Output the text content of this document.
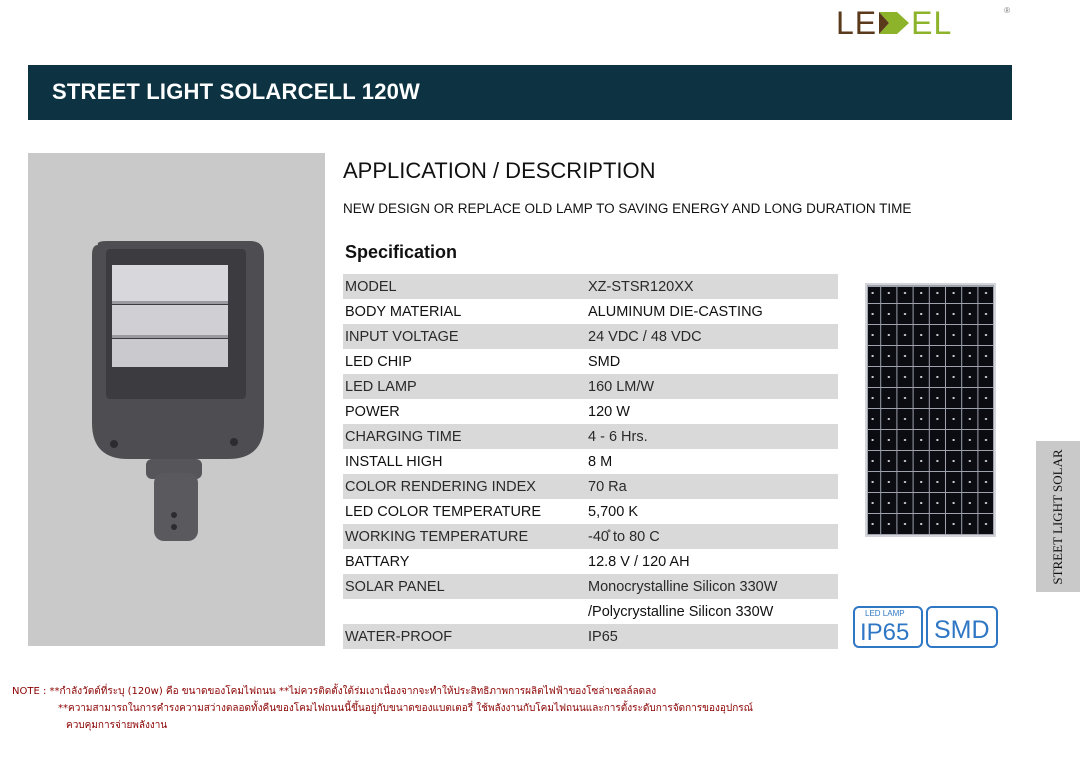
LE EL	®
STREET LIGHT SOLARCELL 120W
APPLICATION / DESCRIPTION

NEW DESIGN OR REPLACE OLD LAMP TO SAVING ENERGY AND LONG DURATION TIME

Specification
MODEL	XZ-STSR120XX
BODY MATERIAL	ALUMINUM DIE-CASTING
INPUT VOLTAGE	24 VDC / 48 VDC
LED CHIP	SMD
LED LAMP	160 LM/W
POWER	120 W
CHARGING TIME	4 - 6 Hrs.
INSTALL HIGH	8 M
COLOR RENDERING INDEX	70 Ra
LED COLOR TEMPERATURE	5,700 K
WORKING TEMPERATURE	-40̊ to 80 C
BATTARY	12.8 V / 120 AH
SOLAR PANEL	Monocrystalline Silicon 330W
/Polycrystalline Silicon 330W
WATER-PROOF	IP65
LED LAMP
IP65 SMD
STREET LIGHT SOLAR
NOTE : **กำลังวัตต์ที่ระบุ (120w) คือ ขนาดของโคมไฟถนน **ไม่ควรติดตั้งใต้ร่มเงาเนื่องจากจะทำให้ประสิทธิภาพการผลิตไฟฟ้าของโซล่าเซลล์ลดลง
**ความสามารถในการคำรงความสว่างตลอดทั้งคืนของโคมไฟถนนนี้ขึ้นอยู่กับขนาดของแบตเตอรี่ ใช้พลังงานกับโคมไฟถนนและการตั้งระดับการจัดการของอุปกรณ์
ควบคุมการจ่ายพลังงาน
